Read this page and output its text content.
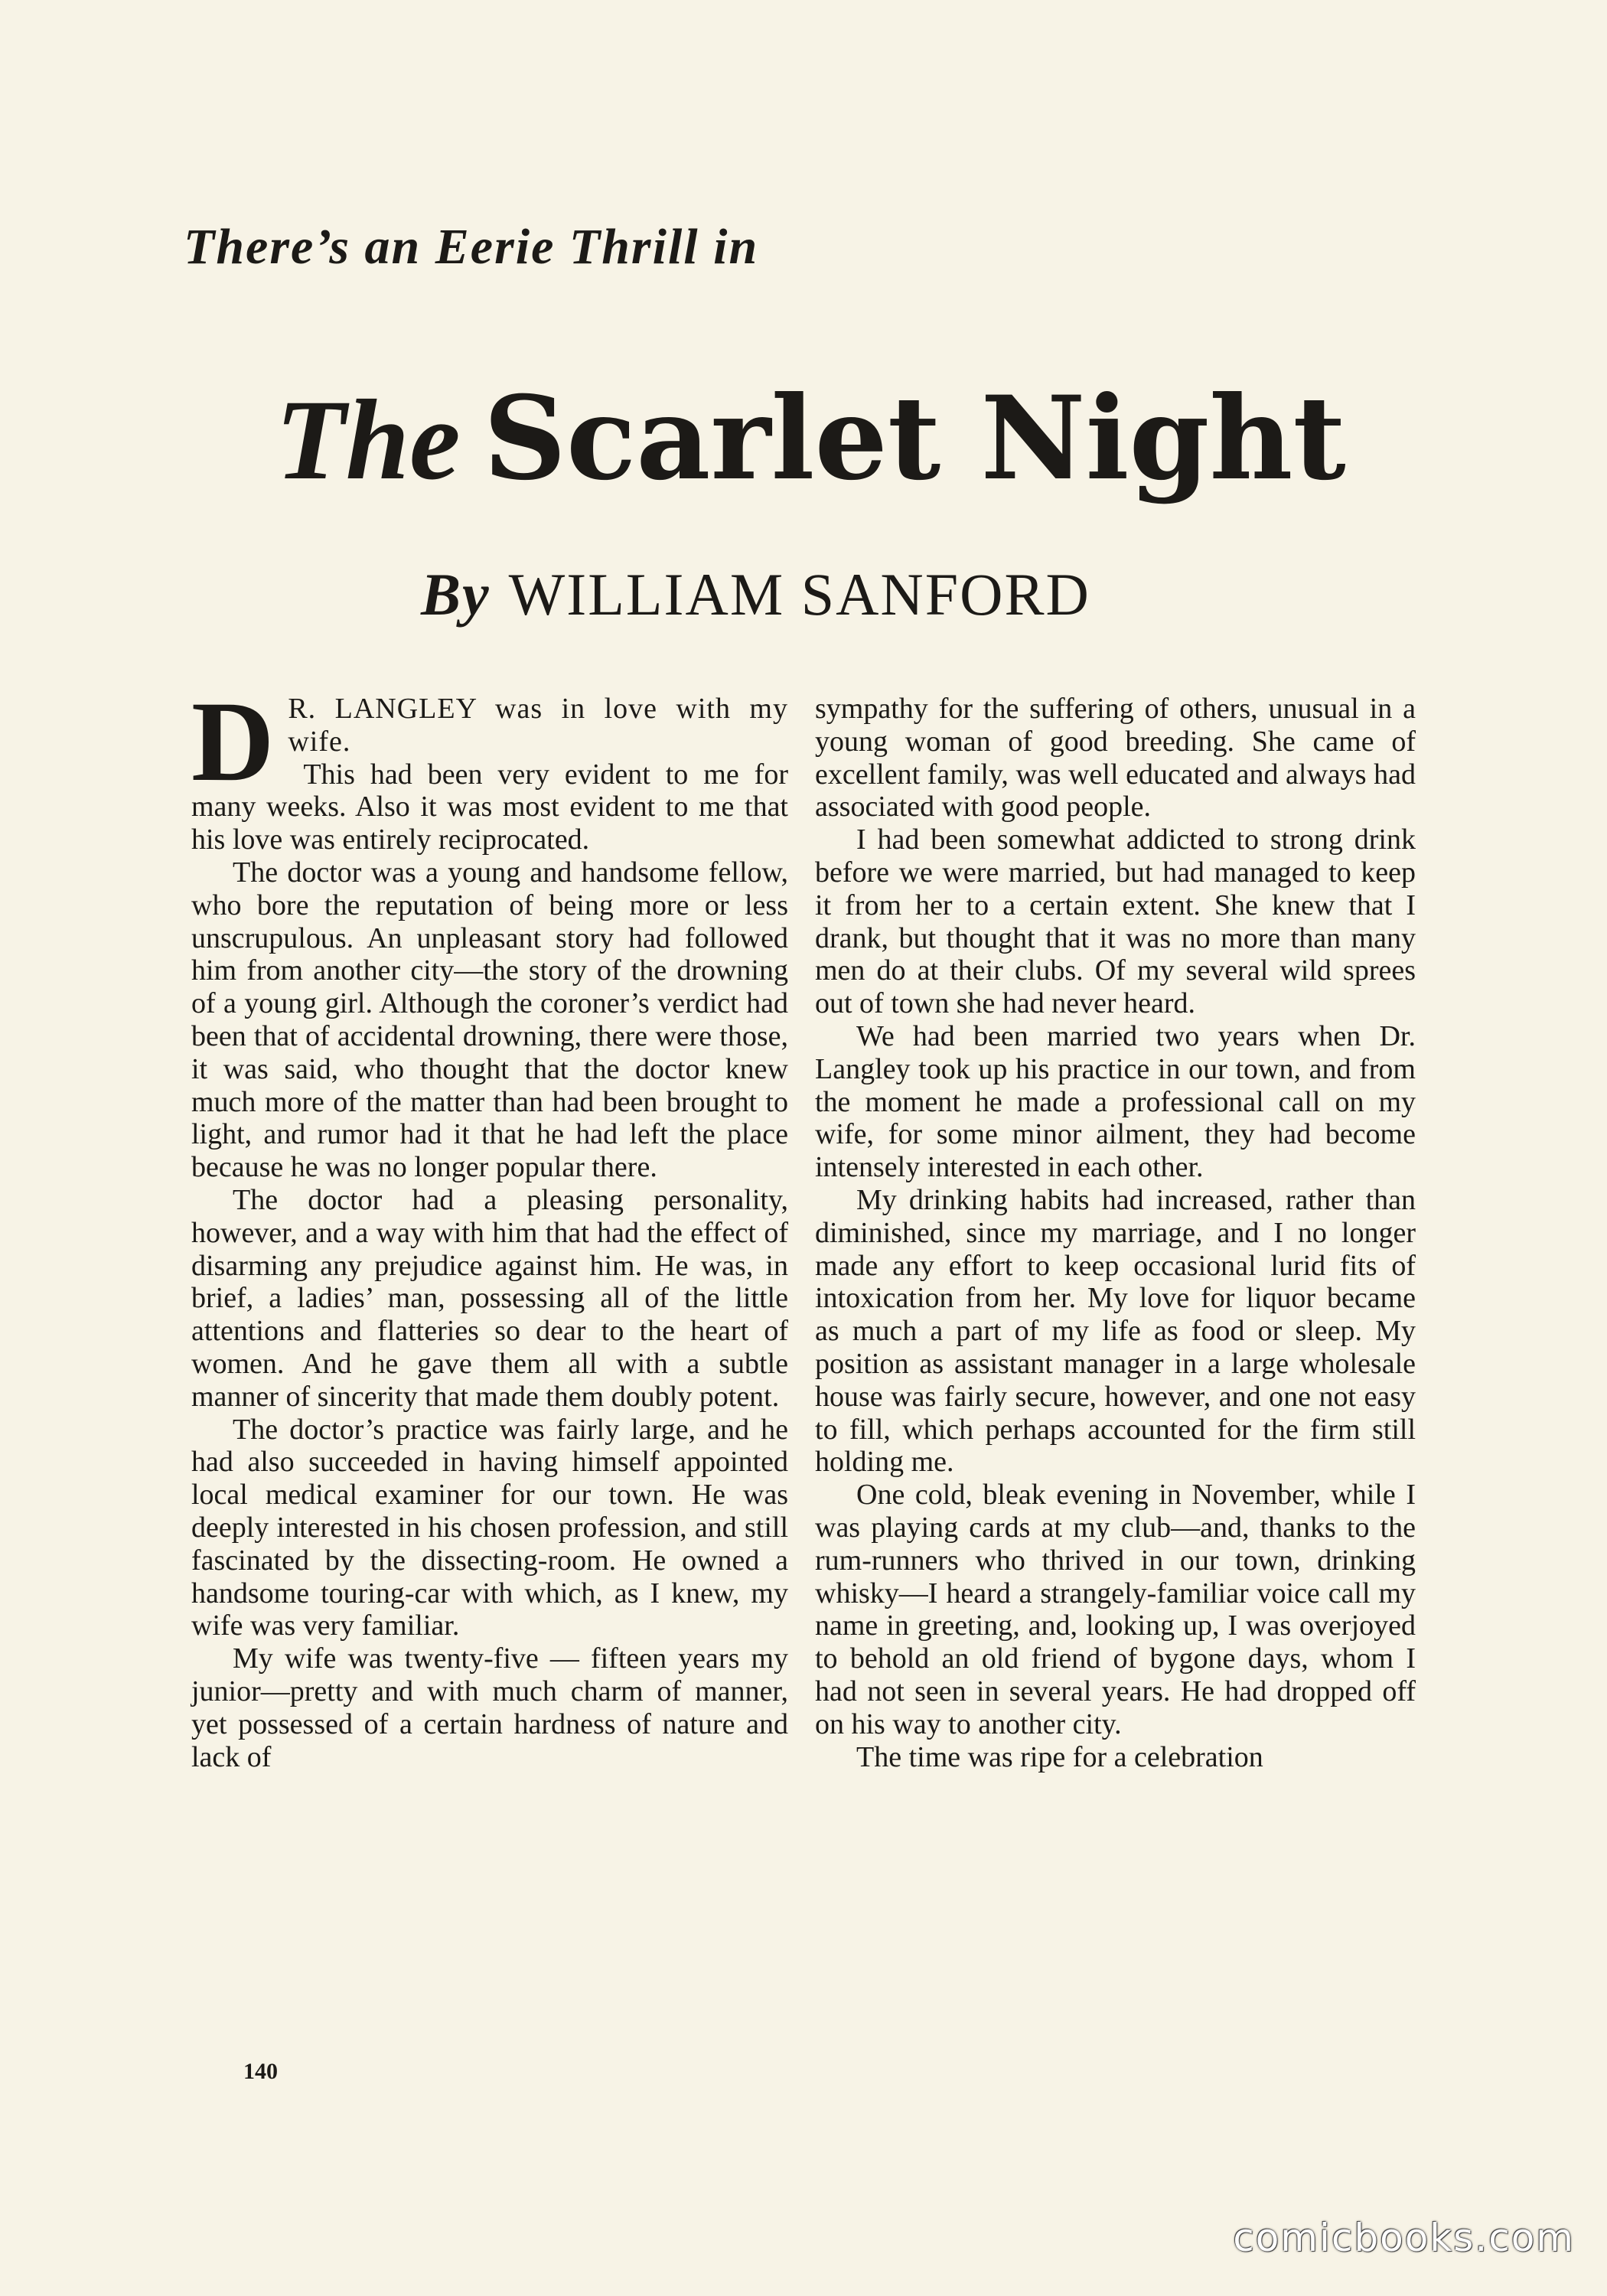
There’s an Eerie Thrill in
The Scarlet Night
By WILLIAM SANFORD
D R. LANGLEY was in love with my wife.

This had been very evident to me for many weeks. Also it was most evident to me that his love was entirely reciprocated.

The doctor was a young and handsome fellow, who bore the reputation of being more or less unscrupulous. An unpleasant story had followed him from another city—the story of the drowning of a young girl. Although the coroner’s verdict had been that of accidental drowning, there were those, it was said, who thought that the doctor knew much more of the matter than had been brought to light, and rumor had it that he had left the place because he was no longer popular there.

The doctor had a pleasing personality, however, and a way with him that had the effect of disarming any prejudice against him. He was, in brief, a ladies’ man, possessing all of the little attentions and flatteries so dear to the heart of women. And he gave them all with a subtle manner of sincerity that made them doubly potent.

The doctor’s practice was fairly large, and he had also succeeded in having himself appointed local medical examiner for our town. He was deeply interested in his chosen profession, and still fascinated by the dissecting-room. He owned a handsome touring-car with which, as I knew, my wife was very familiar.

My wife was twenty-five — fifteen years my junior—pretty and with much charm of manner, yet possessed of a certain hardness of nature and lack of

sympathy for the suffering of others, unusual in a young woman of good breeding. She came of excellent family, was well educated and always had associated with good people.

I had been somewhat addicted to strong drink before we were married, but had managed to keep it from her to a certain extent. She knew that I drank, but thought that it was no more than many men do at their clubs. Of my several wild sprees out of town she had never heard.

We had been married two years when Dr. Langley took up his practice in our town, and from the moment he made a professional call on my wife, for some minor ailment, they had become intensely interested in each other.

My drinking habits had increased, rather than diminished, since my marriage, and I no longer made any effort to keep occasional lurid fits of intoxication from her. My love for liquor became as much a part of my life as food or sleep. My position as assistant manager in a large wholesale house was fairly secure, however, and one not easy to fill, which perhaps accounted for the firm still holding me.

One cold, bleak evening in November, while I was playing cards at my club—and, thanks to the rum-runners who thrived in our town, drinking whisky—I heard a strangely-familiar voice call my name in greeting, and, looking up, I was overjoyed to behold an old friend of bygone days, whom I had not seen in several years. He had dropped off on his way to another city.

The time was ripe for a celebration

140
comicbooks.com
